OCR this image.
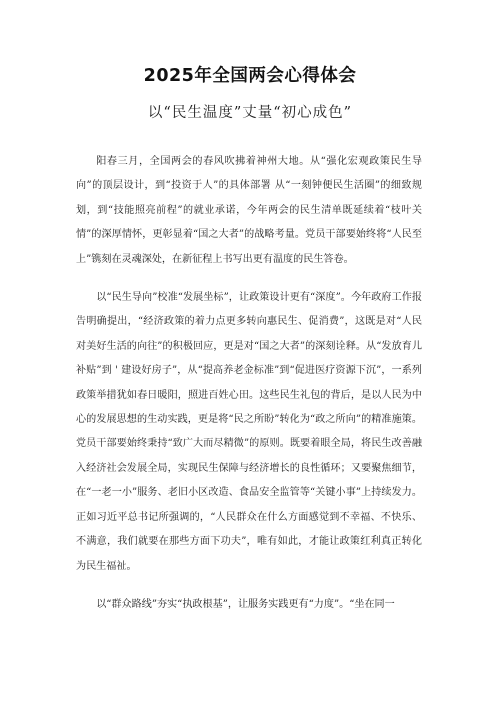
2025年全国两会心得体会
以“民生温度”丈量“初心成色”

阳春三月，全国两会的春风吹拂着神州大地。从“强化宏观政策民生导向”的顶层设计，到“投资于人”的具体部署 从“一刻钟便民生活圈”的细致规划，到“技能照亮前程”的就业承诺，今年两会的民生清单既延续着“枝叶关情”的深厚情怀，更彰显着“国之大者”的战略考量。党员干部要始终将“人民至上”镌刻在灵魂深处，在新征程上书写出更有温度的民生答卷。

以“民生导向”校准“发展坐标”，让政策设计更有“深度”。今年政府工作报告明确提出，“经济政策的着力点更多转向惠民生、促消费”，这既是对“人民对美好生活的向往”的积极回应，更是对“国之大者”的深刻诠释。从“发放育儿补贴”到 ' 建设好房子”，从“提高养老金标准”到“促进医疗资源下沉”，一系列政策举措犹如春日暖阳，照进百姓心田。这些民生礼包的背后，是以人民为中心的发展思想的生动实践，更是将“民之所盼”转化为“政之所向”的精准施策。党员干部要始终秉持“致广大而尽精微”的原则。既要着眼全局，将民生改善融入经济社会发展全局，实现民生保障与经济增长的良性循环；又要聚焦细节，在“一老一小”服务、老旧小区改造、食品安全监管等“关键小事”上持续发力。正如习近平总书记所强调的，“人民群众在什么方面感觉到不幸福、不快乐、不满意，我们就要在那些方面下功夫”，唯有如此，才能让政策红利真正转化为民生福祉。

以“群众路线”夯实“执政根基”，让服务实践更有“力度”。“坐在同一
